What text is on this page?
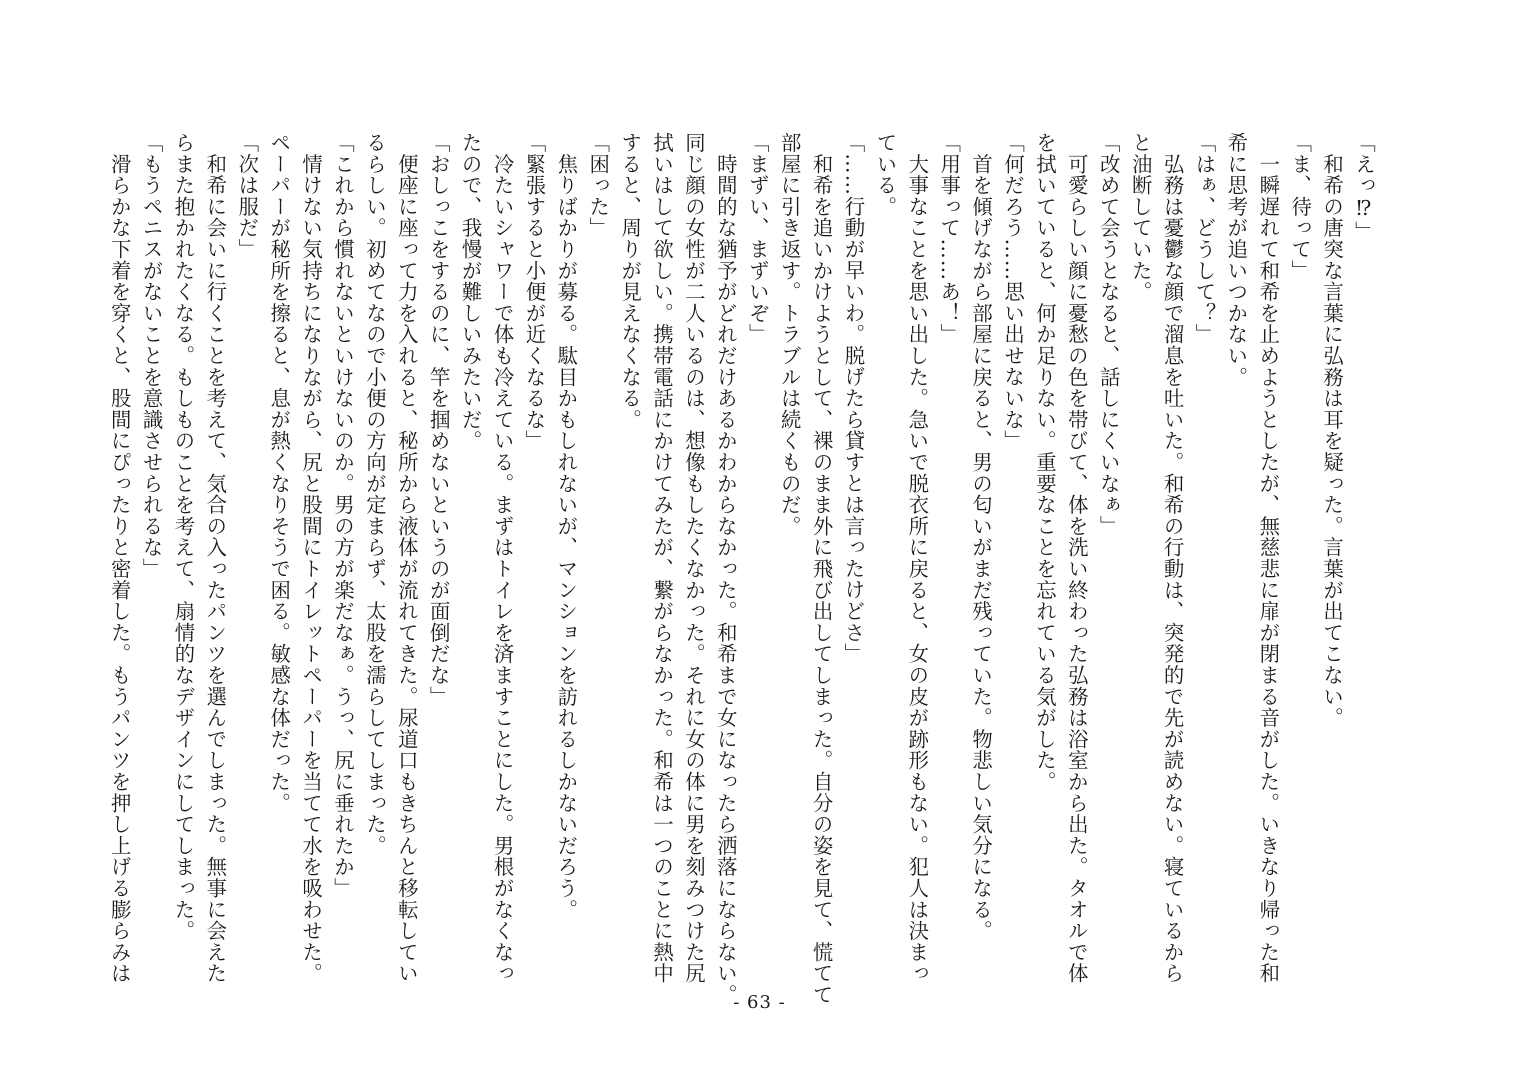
「えっ⁉」
　和希の唐突な言葉に弘務は耳を疑った。言葉が出てこない。
「ま、待って」
　一瞬遅れて和希を止めようとしたが、無慈悲に扉が閉まる音がした。いきなり帰った和
希に思考が追いつかない。
「はぁ、どうして？」
　弘務は憂鬱な顔で溜息を吐いた。和希の行動は、突発的で先が読めない。寝ているから
と油断していた。
「改めて会うとなると、話しにくいなぁ」
　可愛らしい顔に憂愁の色を帯びて、体を洗い終わった弘務は浴室から出た。タオルで体
を拭いていると、何か足りない。重要なことを忘れている気がした。
「何だろう……思い出せないな」
　首を傾げながら部屋に戻ると、男の匂いがまだ残っていた。物悲しい気分になる。
「用事って……あ！」
　大事なことを思い出した。急いで脱衣所に戻ると、女の皮が跡形もない。犯人は決まっ
ている。
「……行動が早いわ。脱げたら貸すとは言ったけどさ」
　和希を追いかけようとして、裸のまま外に飛び出してしまった。自分の姿を見て、慌てて
部屋に引き返す。トラブルは続くものだ。
「まずい、まずいぞ」
　時間的な猶予がどれだけあるかわからなかった。和希まで女になったら洒落にならない。
同じ顔の女性が二人いるのは、想像もしたくなかった。それに女の体に男を刻みつけた尻
拭いはして欲しい。携帯電話にかけてみたが、繋がらなかった。和希は一つのことに熱中
すると、周りが見えなくなる。
「困った」
　焦りばかりが募る。駄目かもしれないが、マンションを訪れるしかないだろう。
「緊張すると小便が近くなるな」
　冷たいシャワーで体も冷えている。まずはトイレを済ますことにした。男根がなくなっ
たので、我慢が難しいみたいだ。
「おしっこをするのに、竿を掴めないというのが面倒だな」
　便座に座って力を入れると、秘所から液体が流れてきた。尿道口もきちんと移転してい
るらしい。初めてなので小便の方向が定まらず、太股を濡らしてしまった。
「これから慣れないといけないのか。男の方が楽だなぁ。うっ、尻に垂れたか」
　情けない気持ちになりながら、尻と股間にトイレットペーパーを当てて水を吸わせた。
ペーパーが秘所を擦ると、息が熱くなりそうで困る。敏感な体だった。
「次は服だ」
　和希に会いに行くことを考えて、気合の入ったパンツを選んでしまった。無事に会えた
らまた抱かれたくなる。もしものことを考えて、扇情的なデザインにしてしまった。
「もうペニスがないことを意識させられるな」
　滑らかな下着を穿くと、股間にぴったりと密着した。もうパンツを押し上げる膨らみは
- 63 -
